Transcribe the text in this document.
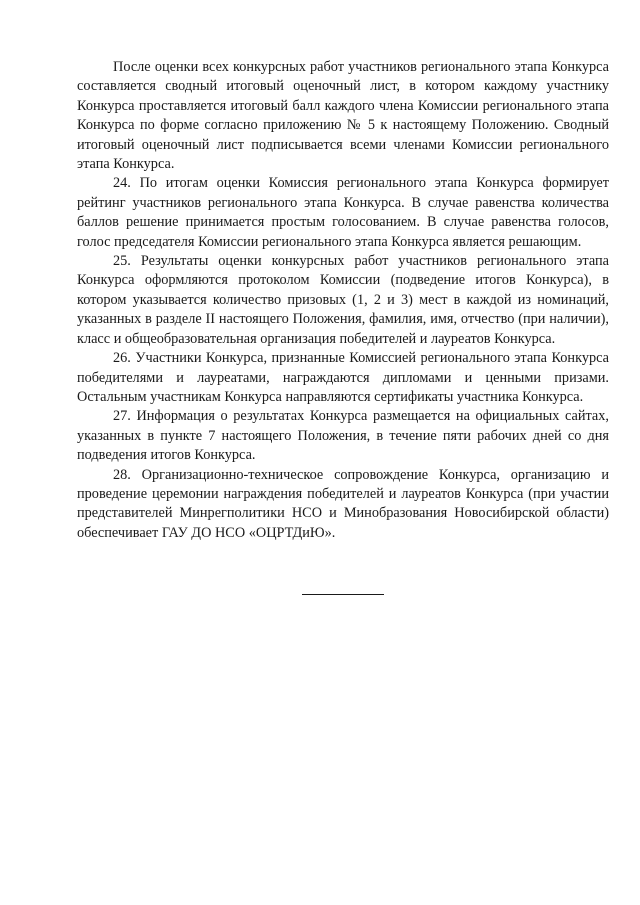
После оценки всех конкурсных работ участников регионального этапа Конкурса составляется сводный итоговый оценочный лист, в котором каждому участнику Конкурса проставляется итоговый балл каждого члена Комиссии регионального этапа Конкурса по форме согласно приложению № 5 к настоящему Положению. Сводный итоговый оценочный лист подписывается всеми членами Комиссии регионального этапа Конкурса.

24. По итогам оценки Комиссия регионального этапа Конкурса формирует рейтинг участников регионального этапа Конкурса. В случае равенства количества баллов решение принимается простым голосованием. В случае равенства голосов, голос председателя Комиссии регионального этапа Конкурса является решающим.

25. Результаты оценки конкурсных работ участников регионального этапа Конкурса оформляются протоколом Комиссии (подведение итогов Конкурса), в котором указывается количество призовых (1, 2 и 3) мест в каждой из номинаций, указанных в разделе II настоящего Положения, фамилия, имя, отчество (при наличии), класс и общеобразовательная организация победителей и лауреатов Конкурса.

26. Участники Конкурса, признанные Комиссией регионального этапа Конкурса победителями и лауреатами, награждаются дипломами и ценными призами. Остальным участникам Конкурса направляются сертификаты участника Конкурса.

27. Информация о результатах Конкурса размещается на официальных сайтах, указанных в пункте 7 настоящего Положения, в течение пяти рабочих дней со дня подведения итогов Конкурса.

28. Организационно-техническое сопровождение Конкурса, организацию и проведение церемонии награждения победителей и лауреатов Конкурса (при участии представителей Минрегполитики НСО и Минобразования Новосибирской области) обеспечивает ГАУ ДО НСО «ОЦРТДиЮ».
